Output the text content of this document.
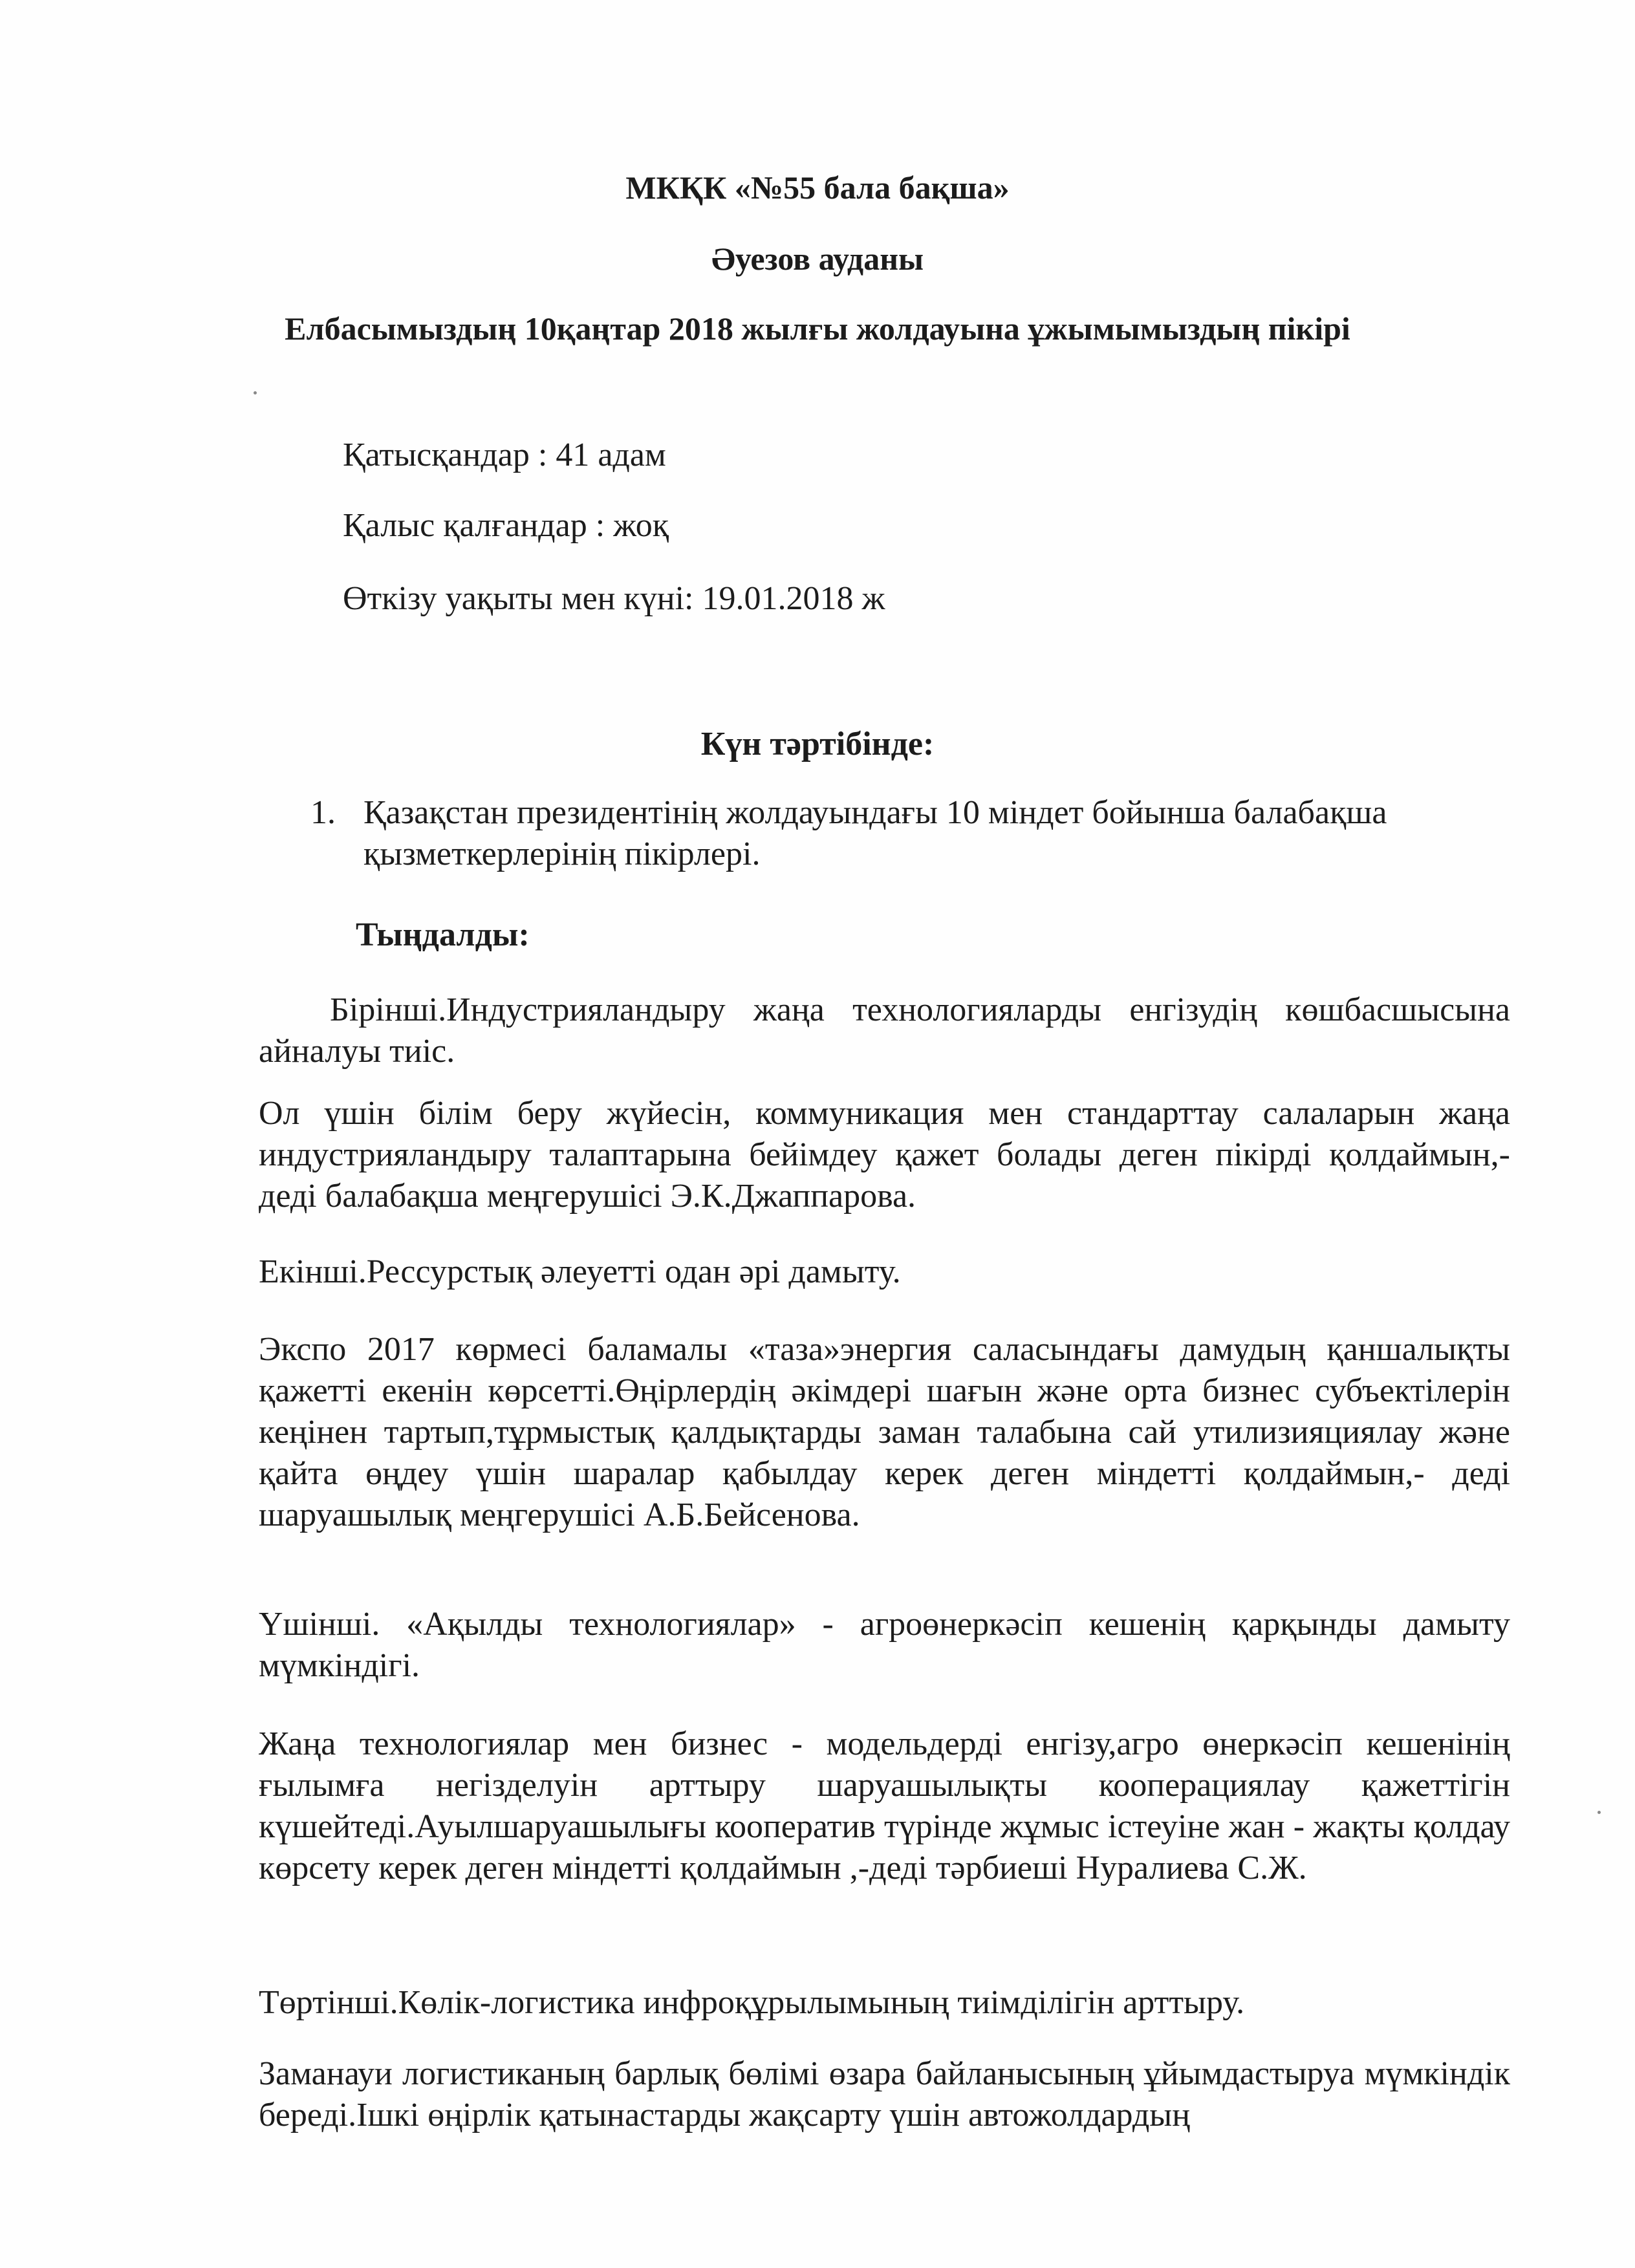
МКҚК «№55 бала бақша»
Әуезов ауданы
Елбасымыздың 10қаңтар 2018 жылғы жолдауына ұжымымыздың пікірі
Қатысқандар : 41 адам
Қалыс қалғандар : жоқ
Өткізу уақыты мен күні: 19.01.2018 ж
Күн тәртібінде:
1. Қазақстан президентінің жолдауындағы 10 міндет бойынша балабақша қызметкерлерінің пікірлері.
Тыңдалды:

Бірінші.Индустрияландыру жаңа технологияларды енгізудің көшбасшысына айналуы тиіс.

Ол үшін білім беру жүйесін, коммуникация мен стандарттау салаларын жаңа индустрияландыру талаптарына бейімдеу қажет болады деген пікірді қолдаймын,- деді балабақша меңгерушісі Э.К.Джаппарова.

Екінші.Рессурстық әлеуетті одан әрі дамыту.

Экспо 2017 көрмесі баламалы «таза»энергия саласындағы дамудың қаншалықты қажетті екенін көрсетті.Өңірлердің әкімдері шағын және орта бизнес субъектілерін кеңінен тартып,тұрмыстық қалдықтарды заман талабына сай утилизияциялау және қайта өңдеу үшін шаралар қабылдау керек деген міндетті қолдаймын,- деді шаруашылық меңгерушісі А.Б.Бейсенова.

Үшінші. «Ақылды технологиялар» - агроөнеркәсіп кешенің қарқынды дамыту мүмкіндігі.

Жаңа технологиялар мен бизнес - модельдерді енгізу,агро өнеркәсіп кешенінің ғылымға негізделуін арттыру шаруашылықты кооперациялау қажеттігін күшейтеді.Ауылшаруашылығы кооператив түрінде жұмыс істеуіне жан - жақты қолдау көрсету керек деген міндетті қолдаймын ,-деді тәрбиеші Нуралиева С.Ж.

Төртінші.Көлік-логистика инфроқұрылымының тиімділігін арттыру.

Заманауи логистиканың барлық бөлімі өзара байланысының ұйымдастыруа мүмкіндік береді.Ішкі өңірлік қатынастарды жақсарту үшін автожолдардың
